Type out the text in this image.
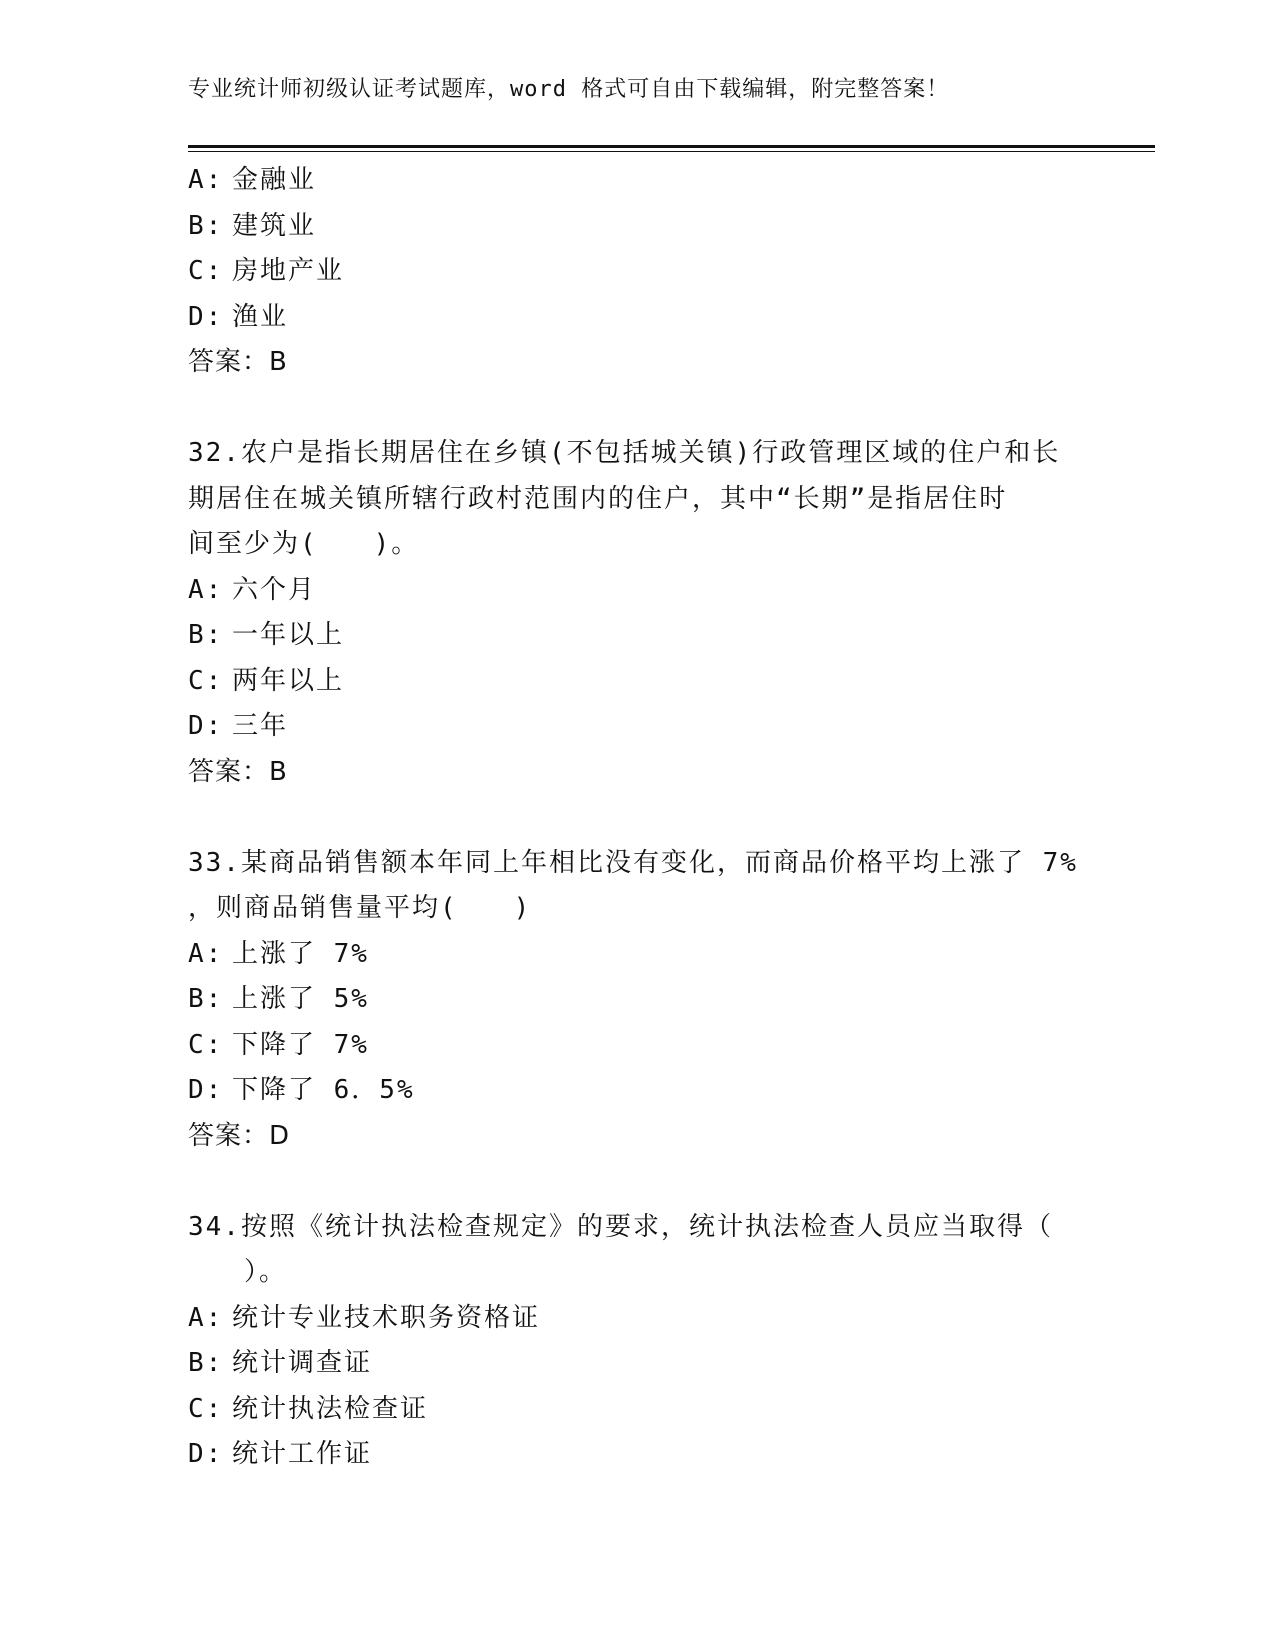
专业统计师初级认证考试题库，word 格式可自由下载编辑，附完整答案！
A: 金融业
B: 建筑业
C: 房地产业
D: 渔业
答案：B
32.农户是指长期居住在乡镇(不包括城关镇)行政管理区域的住户和长
期居住在城关镇所辖行政村范围内的住户，其中“长期”是指居住时
间至少为(　　)。
A: 六个月
B: 一年以上
C: 两年以上
D: 三年
答案：B
33.某商品销售额本年同上年相比没有变化，而商品价格平均上涨了 7%
，则商品销售量平均(　　)
A: 上涨了 7%
B: 上涨了 5%
C: 下降了 7%
D: 下降了 6．5%
答案：D
34.按照《统计执法检查规定》的要求，统计执法检查人员应当取得（
　　）。
A: 统计专业技术职务资格证
B: 统计调查证
C: 统计执法检查证
D: 统计工作证
